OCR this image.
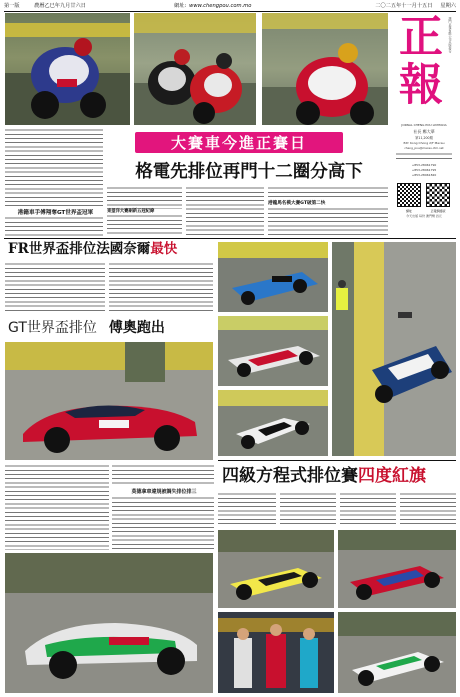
第一版	農曆乙巳年九月廿六日	網址: www.chengpou.com.mo	二〇二五年十一月十五日 星期六
正報	澳門正報有限公司出版發行
JORNAL CHENG POU LIMITADA
社長 鄭大華
第11,200期
Edf. Kong Chong 2/F Macau
cheng_pou@macau.ctm.net
+853-28961790
+853-28961795
+853-28961820
網址	正報網絡版
今天出版 每份 澳門幣 四元
港籍車手傅翔奪GT世界盃冠軍
大賽車今進正賽日
格電先排位再門十二圈分高下
東望洋大賽刷新五冠紀錄
港龍馬名模大賽GT破第二快
FR世界盃排位法國奈爾最快
GT世界盃排位 傅奧跑出
莫德拿車違規被調失排位排三
四級方程式排位賽四度紅旗
